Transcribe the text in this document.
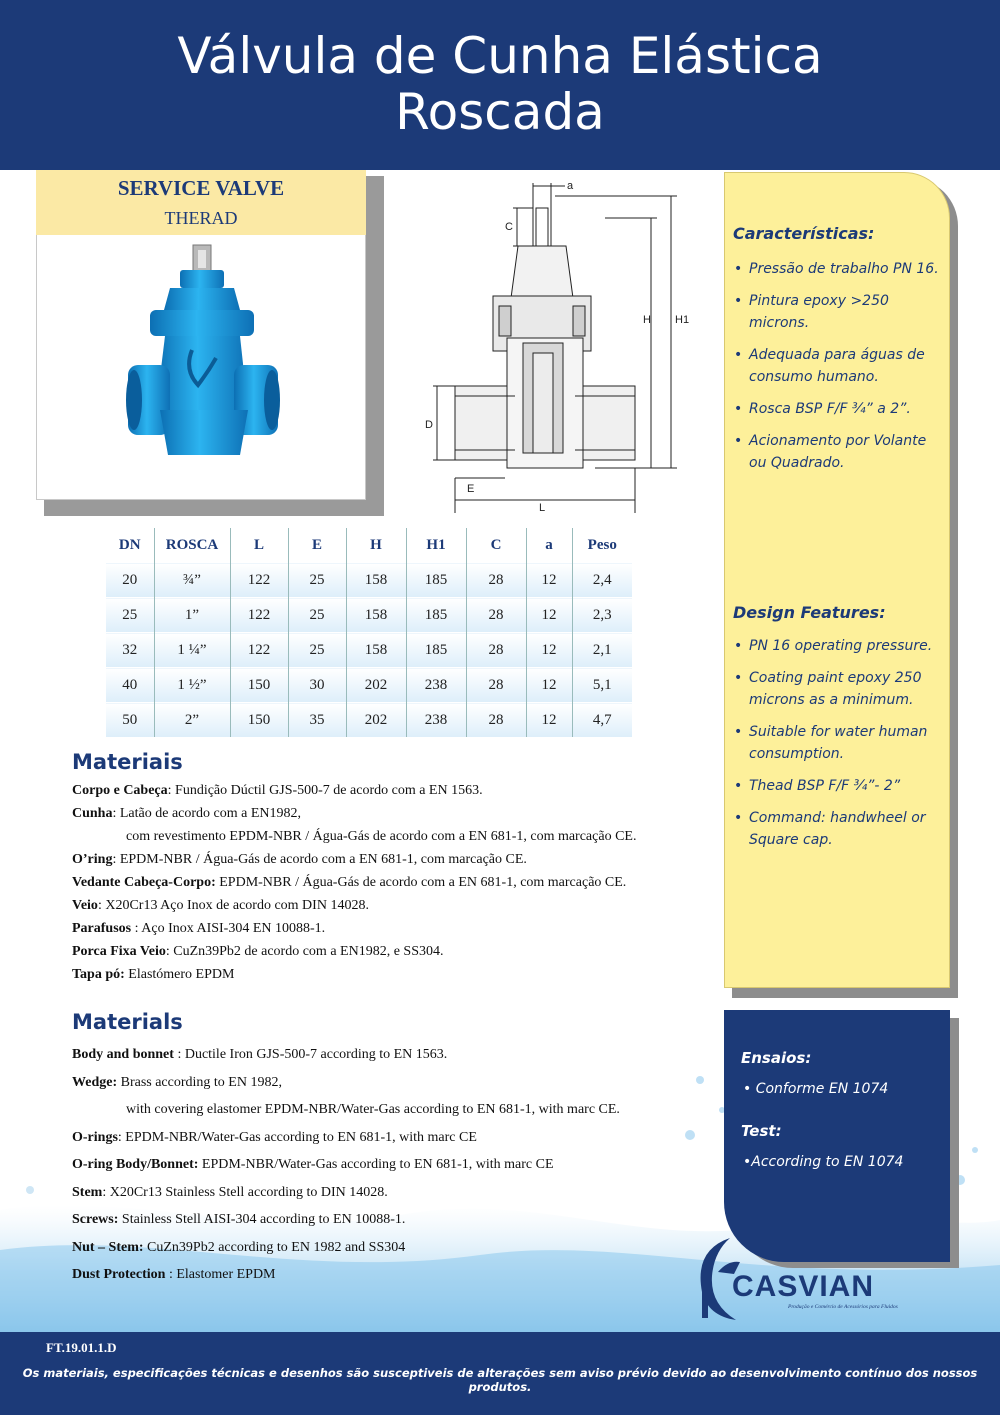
Válvula de Cunha Elástica
Roscada
SERVICE VALVE
THERAD
a
C
H H1
D
E
L
DN	ROSCA	L	E	H	H1	C	a	Peso
20	¾”	122	25	158	185	28	12	2,4
25	1”	122	25	158	185	28	12	2,3
32	1 ¼”	122	25	158	185	28	12	2,1
40	1 ½”	150	30	202	238	28	12	5,1
50	2”	150	35	202	238	28	12	4,7
Características:
• Pressão de trabalho PN 16.
• Pintura epoxy >250 microns.
• Adequada para águas de consumo humano.
• Rosca BSP F/F ¾” a 2”.
• Acionamento por Volante ou Quadrado.
Design Features:
• PN 16 operating pressure.
• Coating paint epoxy 250 microns as a minimum.
• Suitable for water human consumption.
• Thead BSP F/F ¾”- 2”
• Command: handwheel or Square cap.
Ensaios:
• Conforme EN 1074
Test:
•According to EN 1074
Materiais
Corpo e Cabeça: Fundição Dúctil GJS-500-7 de acordo com a EN 1563.
Cunha: Latão de acordo com a EN1982,
com revestimento EPDM-NBR / Água-Gás de acordo com a EN 681-1, com marcação CE.
O’ring: EPDM-NBR / Água-Gás de acordo com a EN 681-1, com marcação CE.
Vedante Cabeça-Corpo: EPDM-NBR / Água-Gás de acordo com a EN 681-1, com marcação CE.
Veio: X20Cr13 Aço Inox de acordo com DIN 14028.
Parafusos : Aço Inox AISI-304 EN 10088-1.
Porca Fixa Veio: CuZn39Pb2 de acordo com a EN1982, e SS304.
Tapa pó: Elastómero EPDM
Materials
Body and bonnet : Ductile Iron GJS-500-7 according to EN 1563.
Wedge: Brass according to EN 1982,
with covering elastomer EPDM-NBR/Water-Gas according to EN 681-1, with marc CE.
O-rings: EPDM-NBR/Water-Gas according to EN 681-1, with marc CE
O-ring Body/Bonnet: EPDM-NBR/Water-Gas according to EN 681-1, with marc CE
Stem: X20Cr13 Stainless Stell according to DIN 14028.
Screws: Stainless Stell AISI-304 according to EN 10088-1.
Nut – Stem: CuZn39Pb2 according to EN 1982 and SS304
Dust Protection : Elastomer EPDM	CASVIAN
Produção e Comércio de Acessórios para Fluidos
FT.19.01.1.D
Os materiais, especificações técnicas e desenhos são susceptiveis de alterações sem aviso prévio devido ao desenvolvimento contínuo dos nossos produtos.
